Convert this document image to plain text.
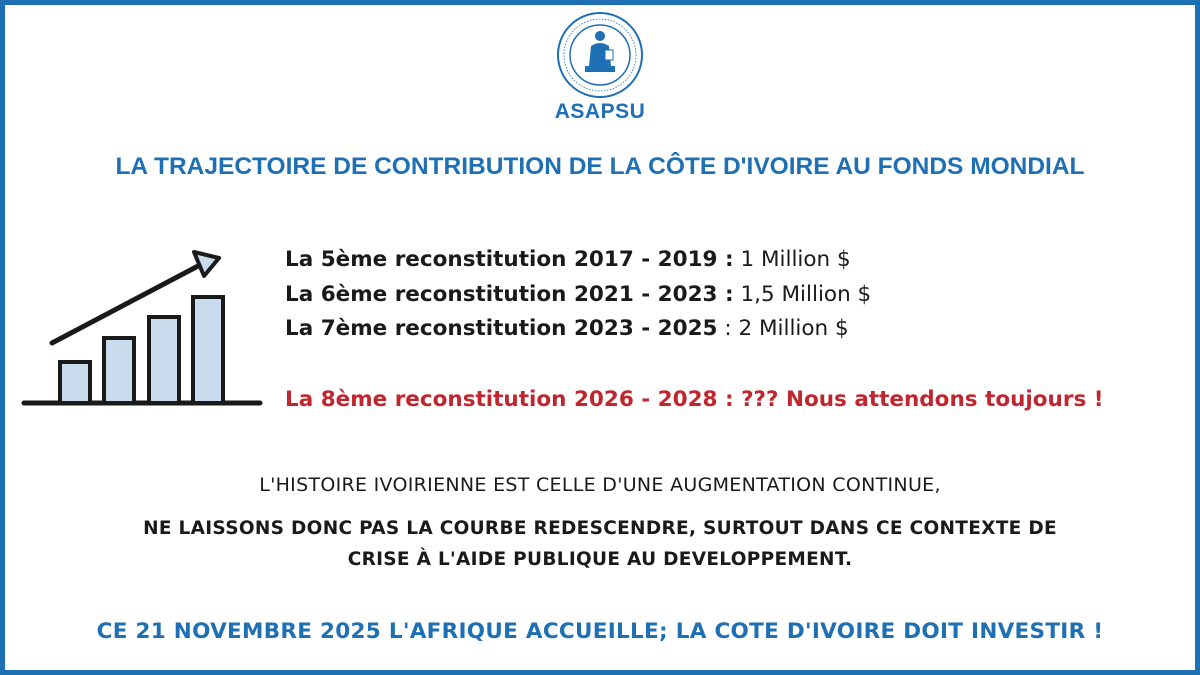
ASAPSU
LA TRAJECTOIRE DE CONTRIBUTION DE LA CÔTE D'IVOIRE AU FONDS MONDIAL
La 5ème reconstitution 2017 - 2019 : 1 Million $
La 6ème reconstitution 2021 - 2023 : 1,5 Million $
La 7ème reconstitution 2023 - 2025 : 2 Million $
La 8ème reconstitution 2026 - 2028 : ??? Nous attendons toujours !
L'HISTOIRE IVOIRIENNE EST CELLE D'UNE AUGMENTATION CONTINUE,
NE LAISSONS DONC PAS LA COURBE REDESCENDRE, SURTOUT DANS CE CONTEXTE DE
CRISE À L'AIDE PUBLIQUE AU DEVELOPPEMENT.
CE 21 NOVEMBRE 2025 L'AFRIQUE ACCUEILLE; LA COTE D'IVOIRE DOIT INVESTIR !
